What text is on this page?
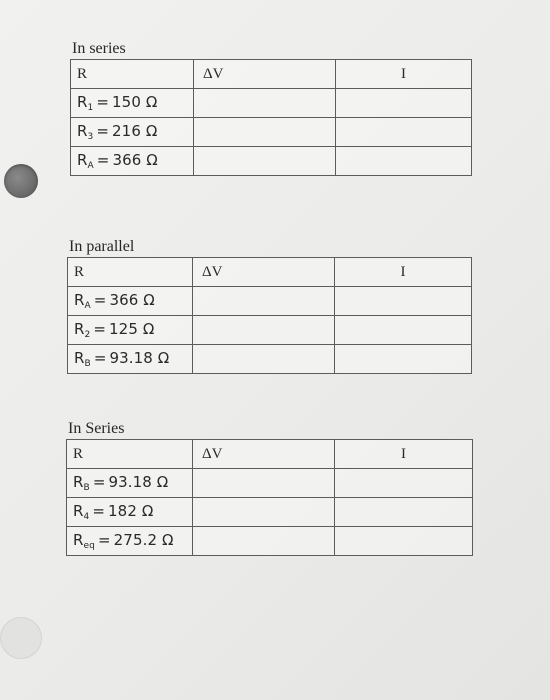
In series
R	ΔV	I
$R_1 = 150$ Ω		
$R_3 = 216$ Ω		
$R_A = 366$ Ω		
In parallel
R	ΔV	I
$R_A = 366$ Ω		
$R_2 = 125$ Ω		
$R_B = 93.18$ Ω		
In Series
R	ΔV	I
$R_B = 93.18$ Ω		
$R_4 = 182$ Ω		
$R_{eq} = 275.2$ Ω		
